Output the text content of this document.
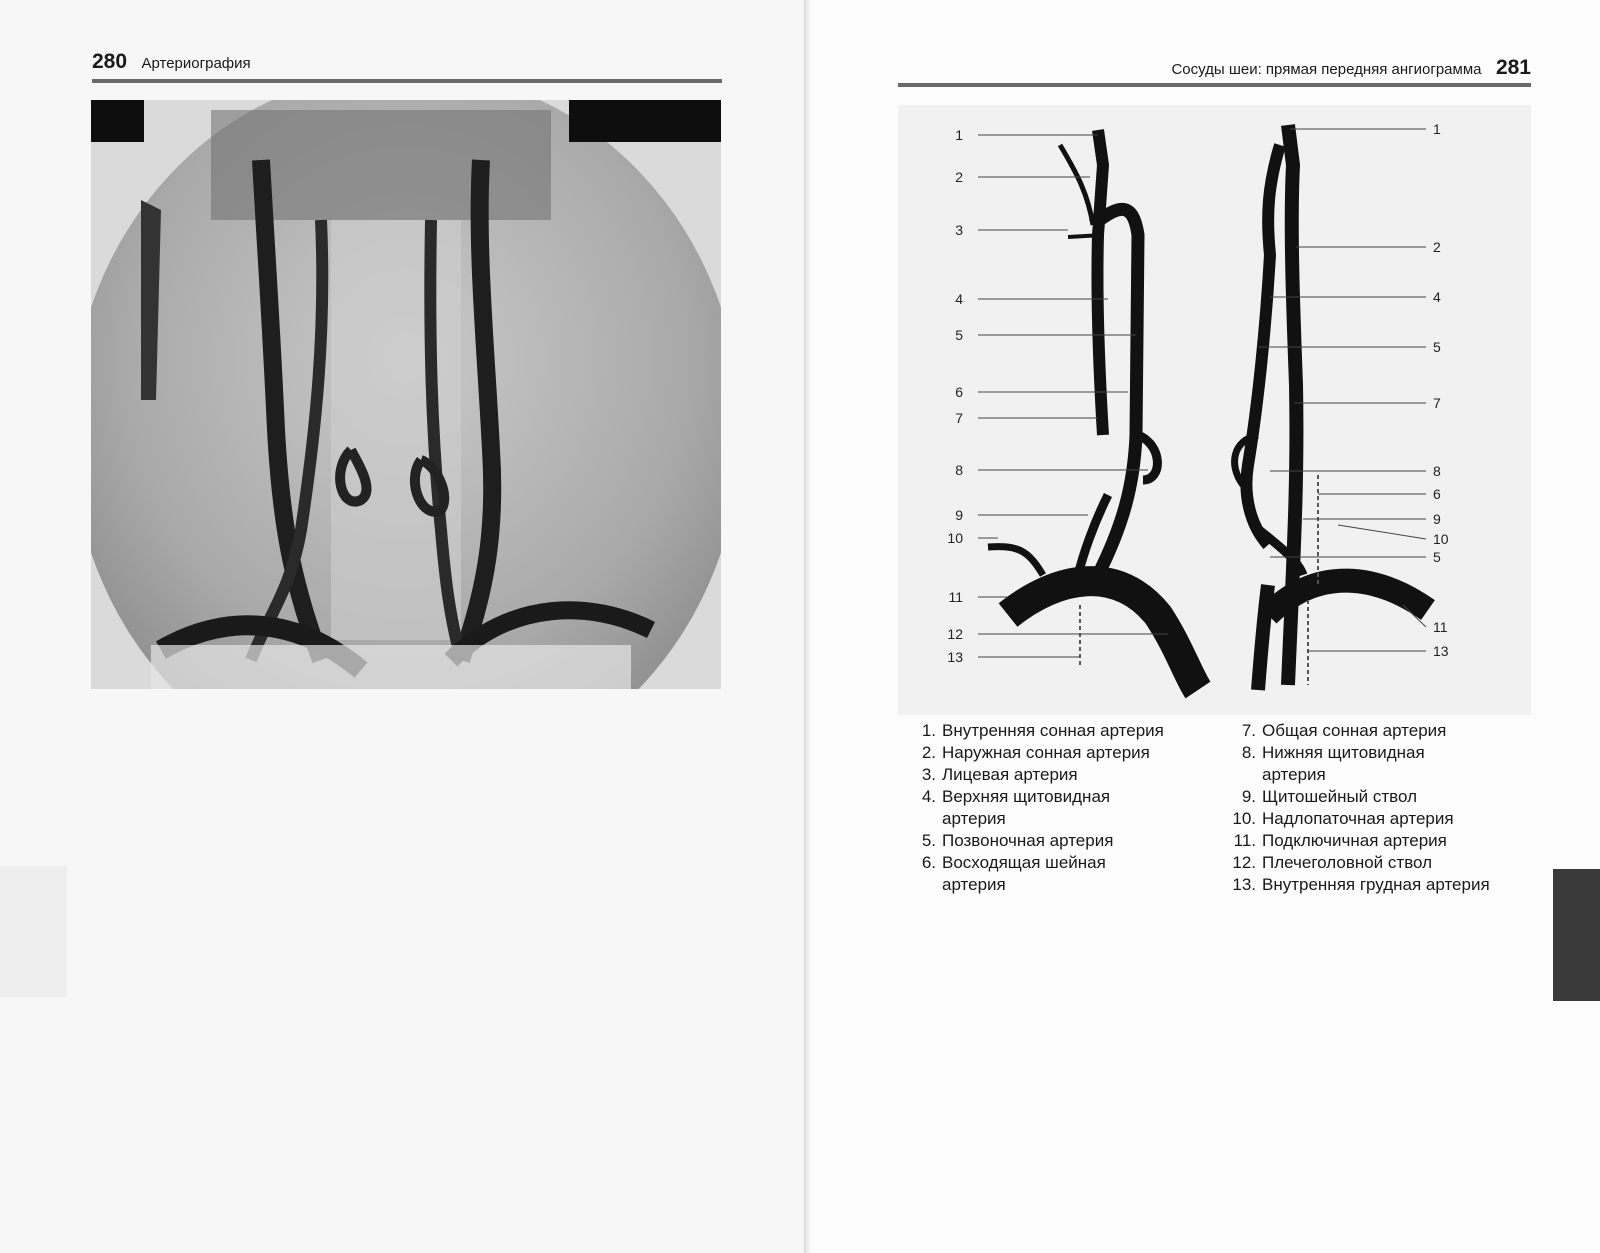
280 Артериография	Сосуды шеи: прямая передняя ангиограмма 281
1
2
3
4
5
6
7
8
9
10
11
12
13
1
2
4
5
7
8
6
9
10
5
11
13
1. Внутренняя сонная артерия
2. Наружная сонная артерия
3. Лицевая артерия
4. Верхняя щитовидная артерия
5. Позвоночная артерия
6. Восходящая шейная артерия
7. Общая сонная артерия
8. Нижняя щитовидная артерия
9. Щитошейный ствол
10. Надлопаточная артерия
11. Подключичная артерия
12. Плечеголовной ствол
13. Внутренняя грудная артерия
